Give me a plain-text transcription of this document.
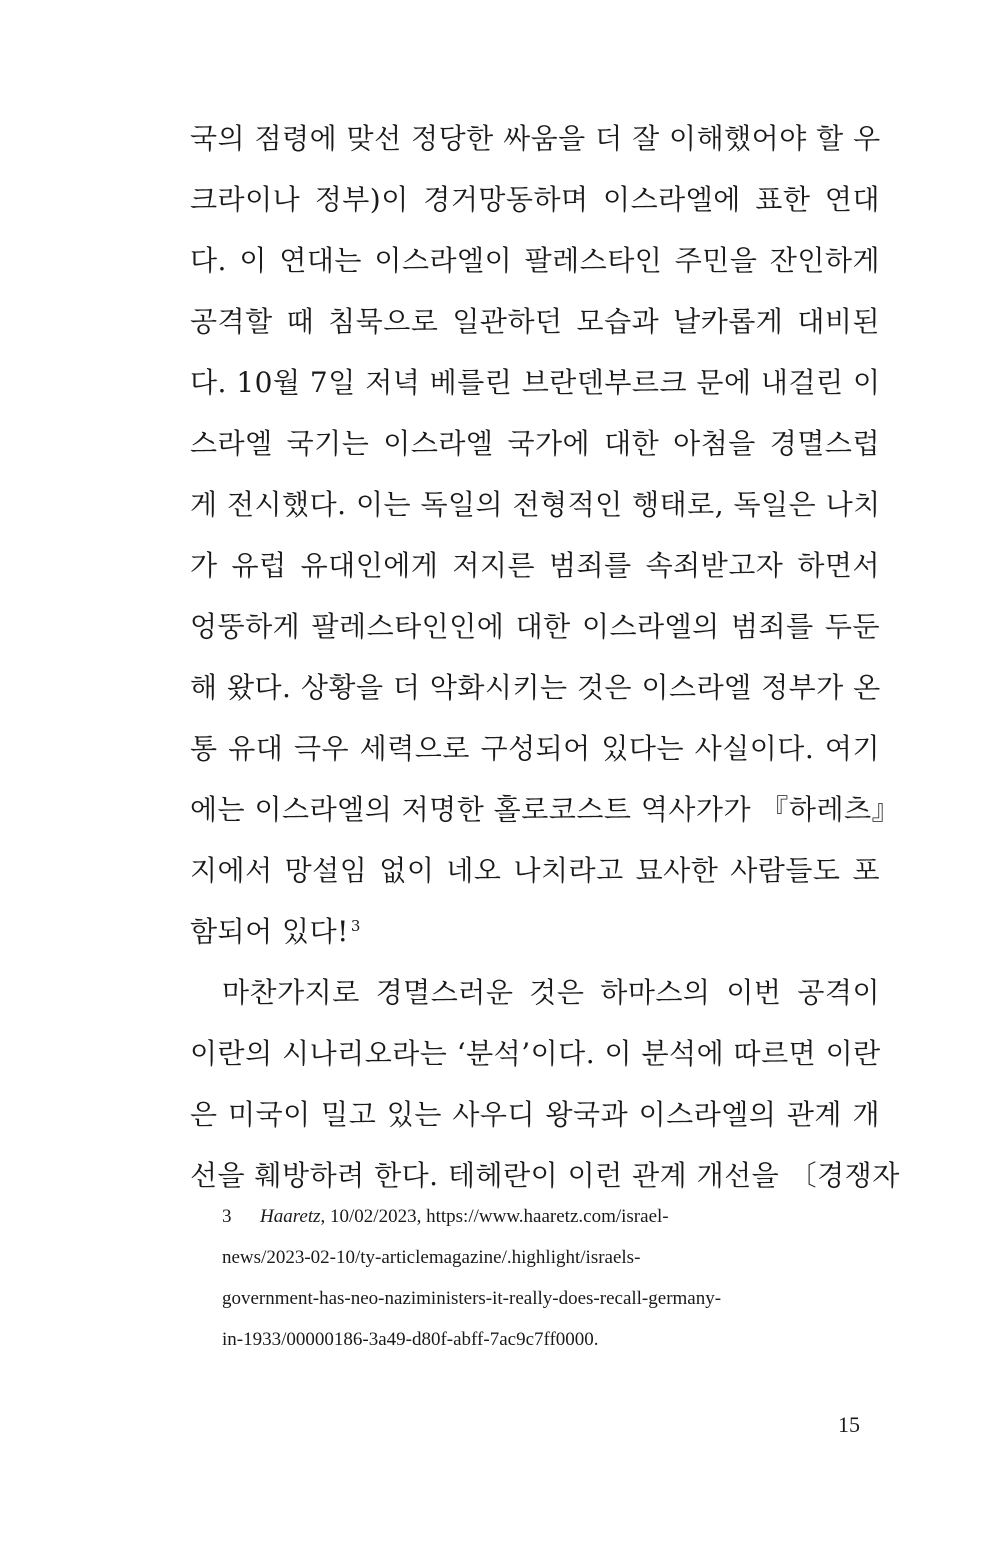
국의 점령에 맞선 정당한 싸움을 더 잘 이해했어야 할 우
크라이나 정부)이 경거망동하며 이스라엘에 표한 연대
다. 이 연대는 이스라엘이 팔레스타인 주민을 잔인하게
공격할 때 침묵으로 일관하던 모습과 날카롭게 대비된
다. 10월 7일 저녁 베를린 브란덴부르크 문에 내걸린 이
스라엘 국기는 이스라엘 국가에 대한 아첨을 경멸스럽
게 전시했다. 이는 독일의 전형적인 행태로, 독일은 나치
가 유럽 유대인에게 저지른 범죄를 속죄받고자 하면서
엉뚱하게 팔레스타인인에 대한 이스라엘의 범죄를 두둔
해 왔다. 상황을 더 악화시키는 것은 이스라엘 정부가 온
통 유대 극우 세력으로 구성되어 있다는 사실이다. 여기
에는 이스라엘의 저명한 홀로코스트 역사가가 『하레츠』
지에서 망설임 없이 네오 나치라고 묘사한 사람들도 포
함되어 있다! $^3$
마찬가지로 경멸스러운 것은 하마스의 이번 공격이
이란의 시나리오라는 ‘분석’이다. 이 분석에 따르면 이란
은 미국이 밀고 있는 사우디 왕국과 이스라엘의 관계 개
선을 훼방하려 한다. 테헤란이 이런 관계 개선을 〔경쟁자
3 Haaretz, 10/02/2023, https://www.haaretz.com/israel-
news/2023-02-10/ty-articlemagazine/.highlight/israels-
government-has-neo-naziministers-it-really-does-recall-germany-
in-1933/00000186-3a49-d80f-abff-7ac9c7ff0000.
15
